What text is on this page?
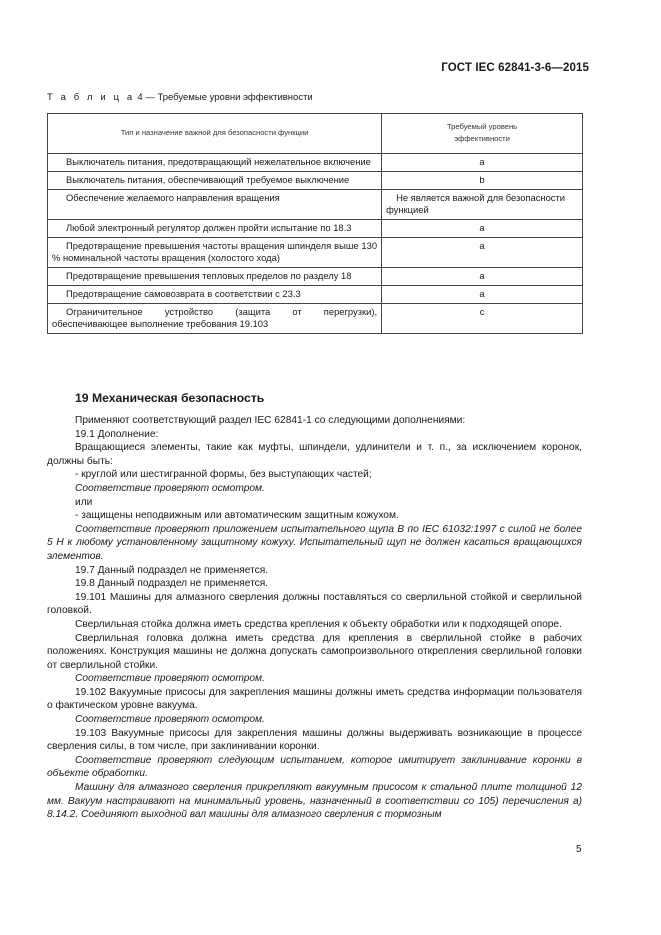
ГОСТ IEC 62841-3-6—2015
Т а б л и ц а 4 — Требуемые уровни эффективности
Тип и назначение важной для безопасности функции	Требуемый уровень
эффективности

Выключатель питания, предотвращающий нежелательное включение	a

Выключатель питания, обеспечивающий требуемое выключение	b

Обеспечение желаемого направления вращения	Не является важной для безопасности функцией

Любой электронный регулятор должен пройти испытание по 18.3	a

Предотвращение превышения частоты вращения шпинделя выше 130 % номинальной частоты вращения (холостого хода)	a

Предотвращение превышения тепловых пределов по разделу 18	a

Предотвращение самовозврата в соответствии с 23.3	a

Ограничительное устройство (защита от перегрузки), обеспечивающее выполнение требования 19.103	c
19 Механическая безопасность

Применяют соответствующий раздел IEC 62841-1 со следующими дополнениями:

19.1 Дополнение:

Вращающиеся элементы, такие как муфты, шпиндели, удлинители и т. п., за исключением коронок, должны быть:

- круглой или шестигранной формы, без выступающих частей;

Соответствие проверяют осмотром.

или

- защищены неподвижным или автоматическим защитным кожухом.

Соответствие проверяют приложением испытательного щупа В по IEC 61032:1997 с силой не более 5 Н к любому установленному защитному кожуху. Испытательный щуп не должен касаться вращающихся элементов.

19.7 Данный подраздел не применяется.

19.8 Данный подраздел не применяется.

19.101 Машины для алмазного сверления должны поставляться со сверлильной стойкой и сверлильной головкой.

Сверлильная стойка должна иметь средства крепления к объекту обработки или к подходящей опоре.

Сверлильная головка должна иметь средства для крепления в сверлильной стойке в рабочих положениях. Конструкция машины не должна допускать самопроизвольного открепления сверлильной головки от сверлильной стойки.

Соответствие проверяют осмотром.

19.102 Вакуумные присосы для закрепления машины должны иметь средства информации пользователя о фактическом уровне вакуума.

Соответствие проверяют осмотром.

19.103 Вакуумные присосы для закрепления машины должны выдерживать возникающие в процессе сверления силы, в том числе, при заклинивании коронки.

Соответствие проверяют следующим испытанием, которое имитирует заклинивание коронки в объекте обработки.

Машину для алмазного сверления прикрепляют вакуумным присосом к стальной плите толщиной 12 мм. Вакуум настраивают на минимальный уровень, назначенный в соответствии со 105) перечисления а) 8.14.2. Соединяют выходной вал машины для алмазного сверления с тормозным

5
